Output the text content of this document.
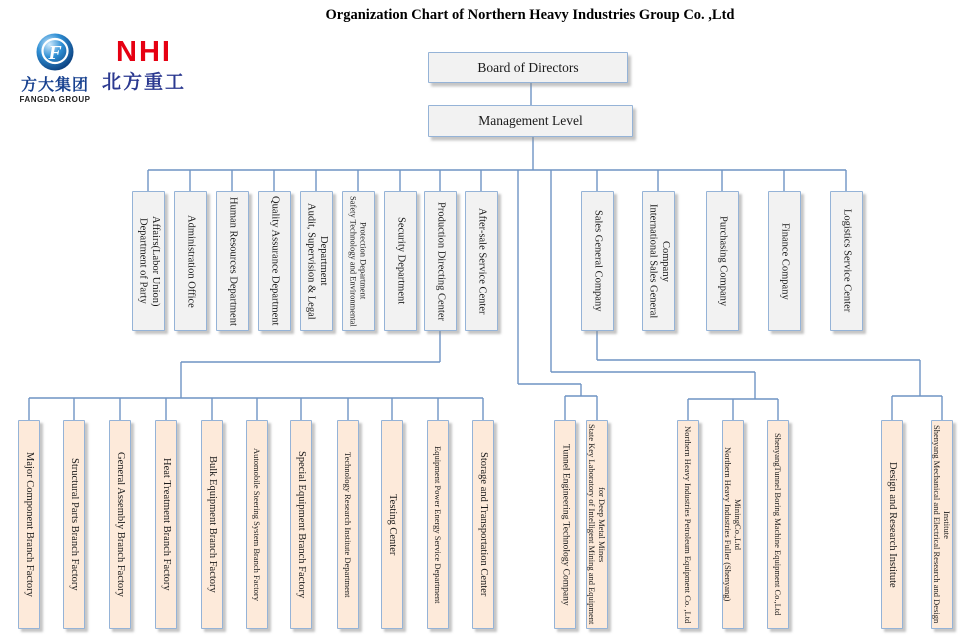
Organization Chart of Northern Heavy Industries Group Co. ,Ltd
F
方大集团
FANGDA GROUP
NHI
北方重工
Board of Directors
Management Level
Department of Party Affairs(Labor Union) Administration Office	Human Resources Department	Quality Assurance Department Audit, Supervision & Legal Department Safety Technology and Environmental Protection Department	Security Department	Production Directing Center	After-sale Service Center	Sales General Company	International Sales General Company	Purchasing Company	Finance Company	Logistics Service Center
Major Component Branch Factory	Structural Parts Branch Factory	General Assembly Branch Factory	Heat Treatment Branch Factory	Bulk Equipment Branch Factory	Automobile Steering System Branch Factory	Special Equipment Branch Factory	Technology Research Institute Department	Testing Center	Equipment Power Energy Service Department	Storage and Transportation Center	Tunnel Engineering Technology Company State Key Laboratory of Intelligent Mining and Equipment for Deep Metal Mines	Northern Heavy Industries Petroleum Equipment Co. ,Ltd	Northern Heavy Industries Fuller (Shenyang) MiningCo.,Ltd	ShenyangTunnel Boring Machine Equipment Co.,Ltd	Design and Research Institute	Shenyang Mechanical and Electrical Research and Design Institute
